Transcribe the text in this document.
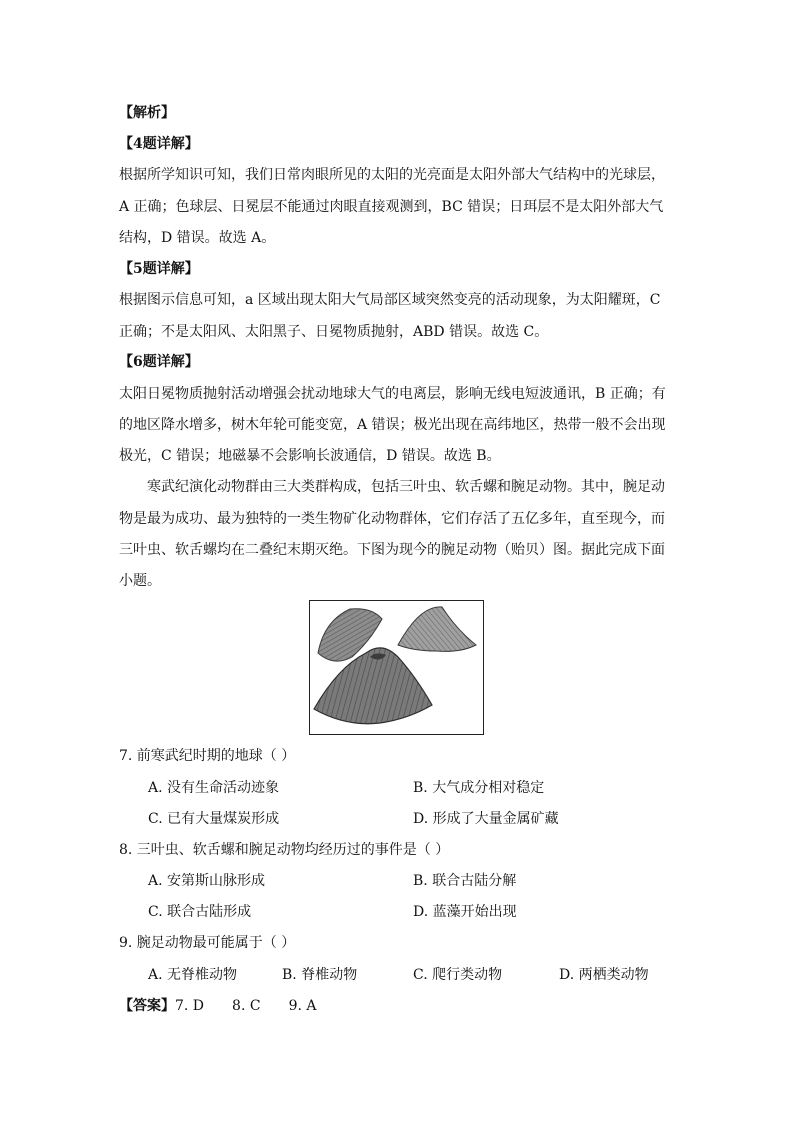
【解析】
【4题详解】
根据所学知识可知，我们日常肉眼所见的太阳的光亮面是太阳外部大气结构中的光球层，
A 正确；色球层、日冕层不能通过肉眼直接观测到，BC 错误；日珥层不是太阳外部大气
结构，D 错误。故选 A。
【5题详解】
根据图示信息可知，a 区域出现太阳大气局部区域突然变亮的活动现象，为太阳耀斑，C
正确；不是太阳风、太阳黑子、日冕物质抛射，ABD 错误。故选 C。
【6题详解】
太阳日冕物质抛射活动增强会扰动地球大气的电离层，影响无线电短波通讯，B 正确；有
的地区降水增多，树木年轮可能变宽，A 错误；极光出现在高纬地区，热带一般不会出现
极光，C 错误；地磁暴不会影响长波通信，D 错误。故选 B。
寒武纪演化动物群由三大类群构成，包括三叶虫、软舌螺和腕足动物。其中，腕足动
物是最为成功、最为独特的一类生物矿化动物群体，它们存活了五亿多年，直至现今，而
三叶虫、软舌螺均在二叠纪末期灭绝。下图为现今的腕足动物（贻贝）图。据此完成下面
小题。
7. 前寒武纪时期的地球（ ）
A. 没有生命活动迹象	B. 大气成分相对稳定
C. 已有大量煤炭形成	D. 形成了大量金属矿藏
8. 三叶虫、软舌螺和腕足动物均经历过的事件是（ ）
A. 安第斯山脉形成	B. 联合古陆分解
C. 联合古陆形成	D. 蓝藻开始出现
9. 腕足动物最可能属于（ ）
A. 无脊椎动物	B. 脊椎动物	C. 爬行类动物	D. 两栖类动物
【答案】7. D 8. C 9. A
